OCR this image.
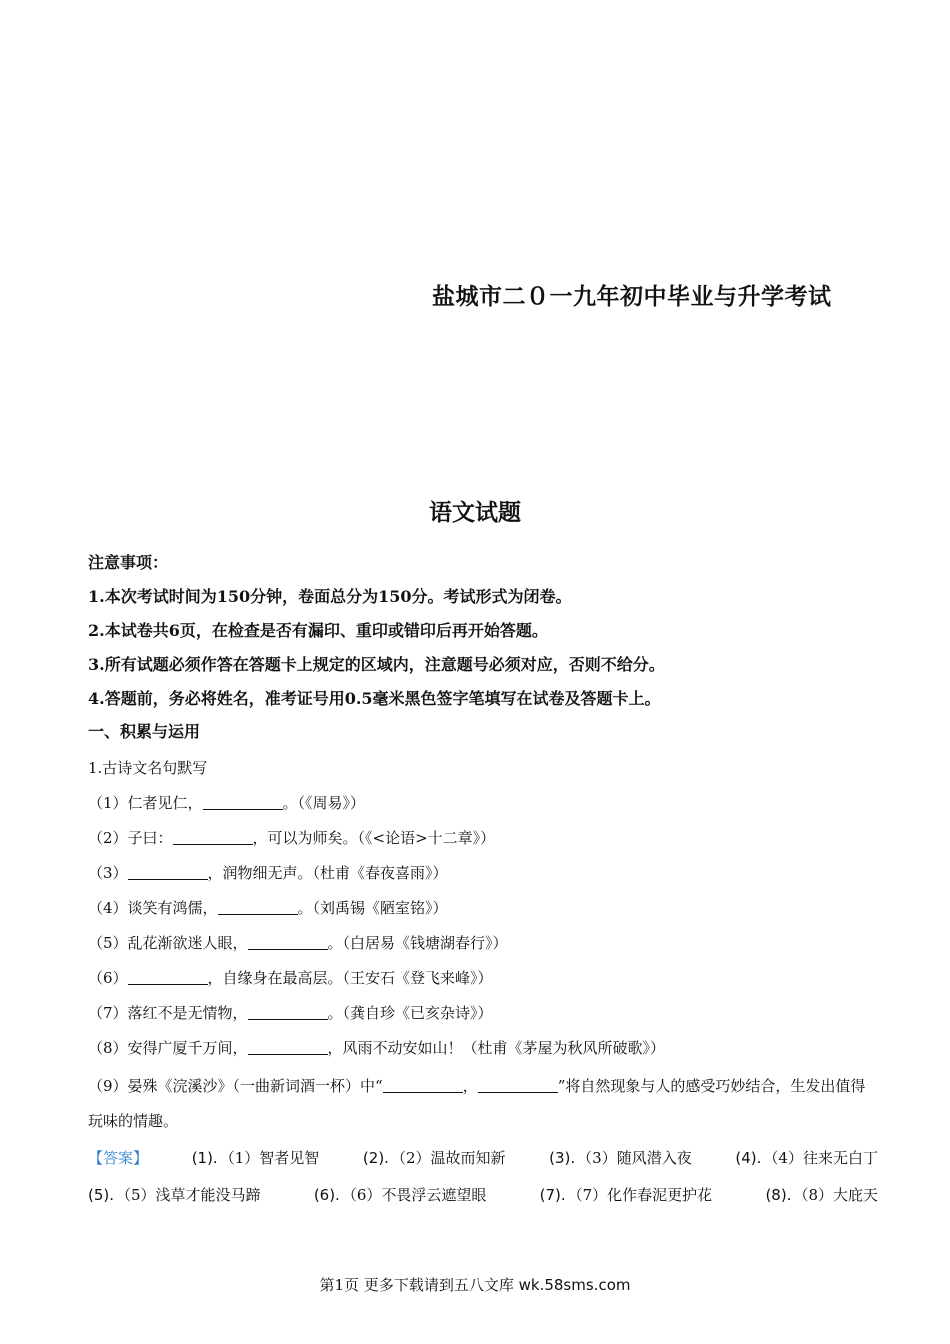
盐城市二０一九年初中毕业与升学考试
语文试题
注意事项：
1.本次考试时间为150分钟，卷面总分为150分。考试形式为闭卷。
2.本试卷共6页，在检查是否有漏印、重印或错印后再开始答题。
3.所有试题必须作答在答题卡上规定的区域内，注意题号必须对应，否则不给分。
4.答题前，务必将姓名，准考证号用0.5毫米黑色签字笔填写在试卷及答题卡上。
一、积累与运用
1.古诗文名句默写
（1）仁者见仁，	。（《周易》）
（2）子曰：	，可以为师矣。（《<论语>十二章》）
（3）	，润物细无声。（杜甫《春夜喜雨》）
（4）谈笑有鸿儒，	。（刘禹锡《陋室铭》）
（5）乱花渐欲迷人眼，	。（白居易《钱塘湖春行》）
（6）	，自缘身在最高层。（王安石《登飞来峰》）
（7）落红不是无情物，	。（龚自珍《已亥杂诗》）
（8）安得广厦千万间，	，风雨不动安如山！（杜甫《茅屋为秋风所破歌》）
（9）晏殊《浣溪沙》（一曲新词酒一杯）中“	，	”将自然现象与人的感受巧妙结合，生发出值得玩味的情趣。
【答案】	(1). （1）智者见智	(2). （2）温故而知新	(3). （3）随风潜入夜	(4). （4）往来无白丁
(5). （5）浅草才能没马蹄	(6). （6）不畏浮云遮望眼	(7). （7）化作春泥更护花	(8). （8）大庇天
第1页 更多下载请到五八文库 wk.58sms.com
